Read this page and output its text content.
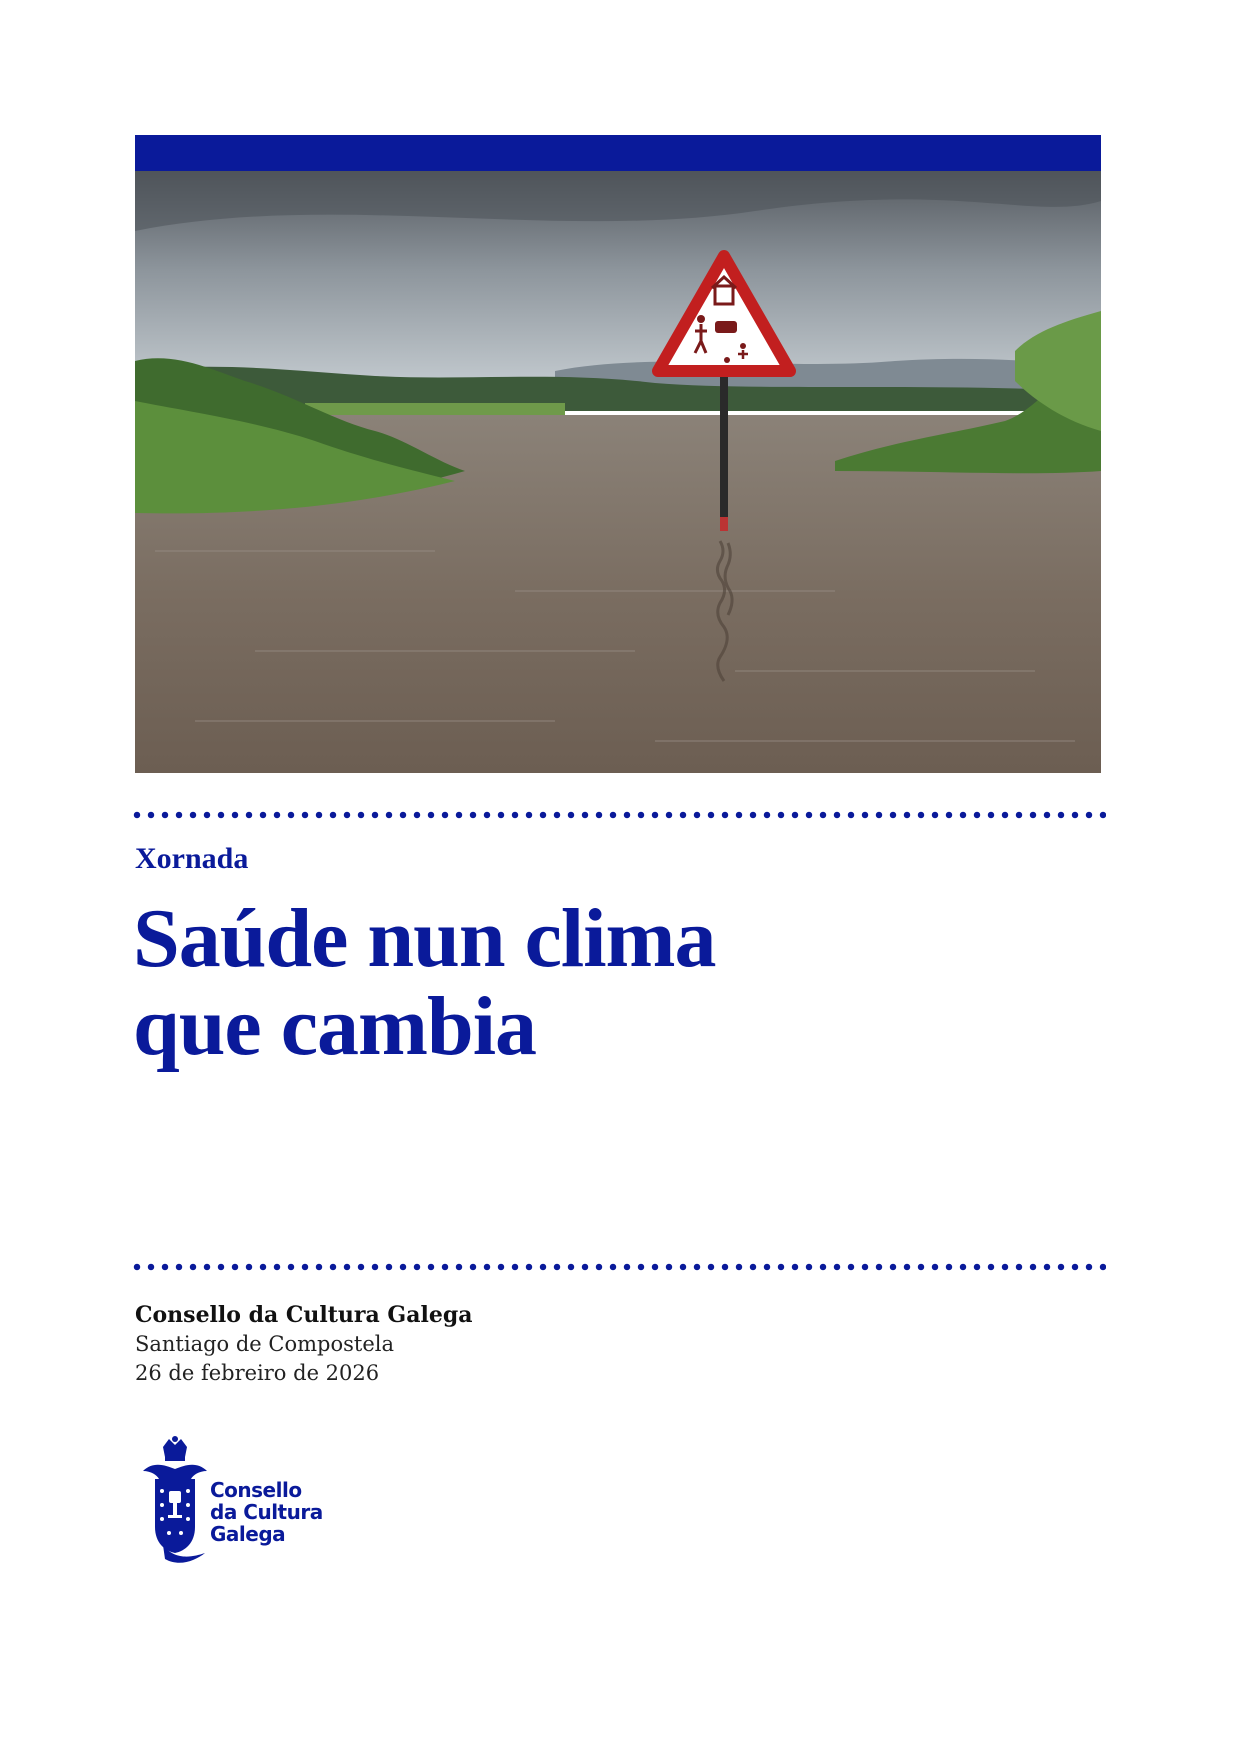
Xornada

Saúde nun clima
que cambia

Consello da Cultura Galega

Santiago de Compostela

26 de febreiro de 2026

Consello
da Cultura
Galega
